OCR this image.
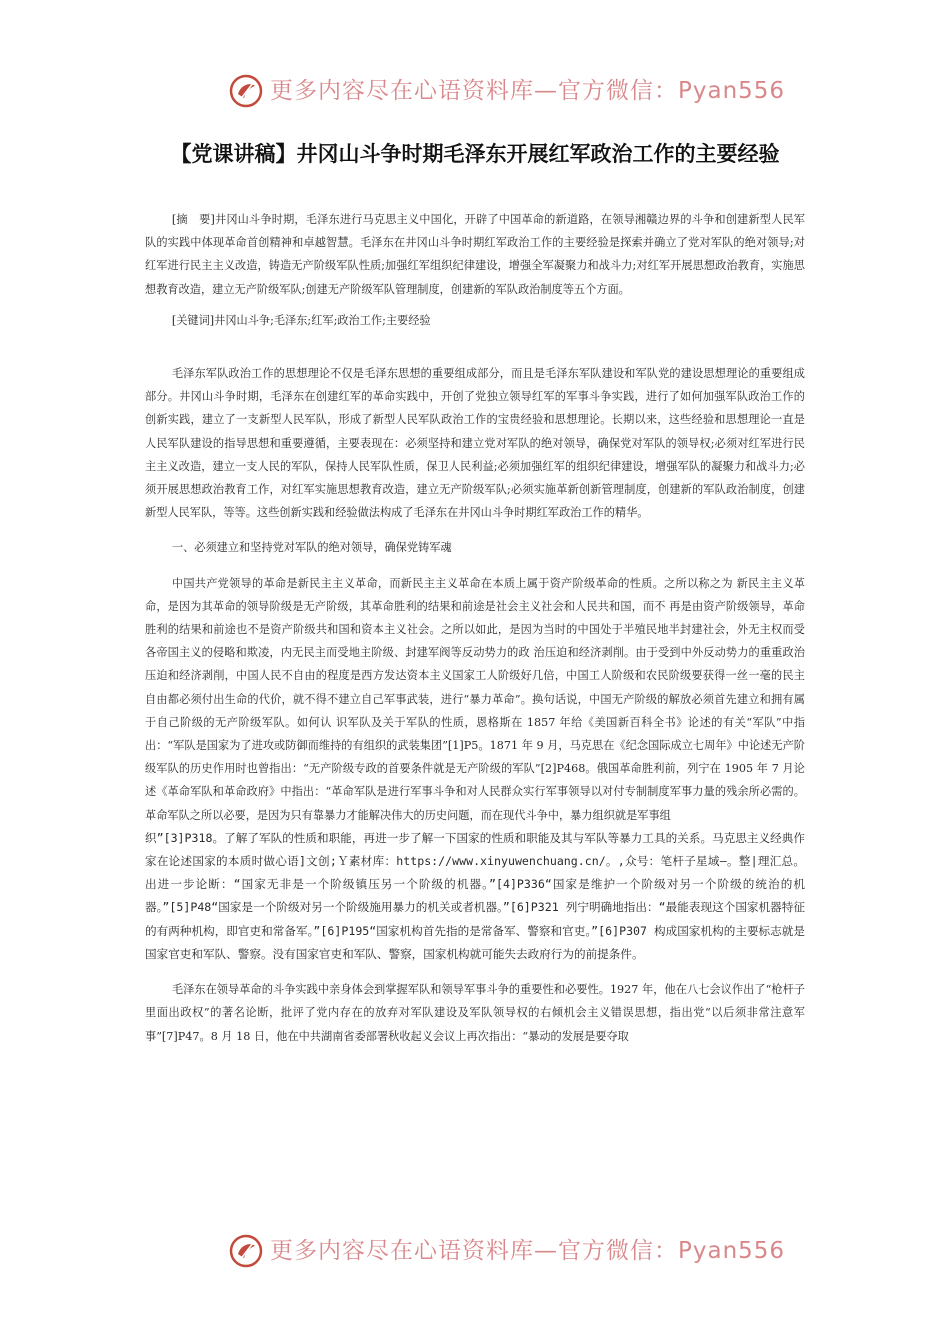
更多内容尽在心语资料库—官方微信：Pyan556
【党课讲稿】井冈山斗争时期毛泽东开展红军政治工作的主要经验

[摘　要]井冈山斗争时期，毛泽东进行马克思主义中国化，开辟了中国革命的新道路，在领导湘赣边界的斗争和创建新型人民军队的实践中体现革命首创精神和卓越智慧。毛泽东在井冈山斗争时期红军政治工作的主要经验是探索并确立了党对军队的绝对领导;对红军进行民主主义改造，铸造无产阶级军队性质;加强红军组织纪律建设，增强全军凝聚力和战斗力;对红军开展思想政治教育，实施思想教育改造，建立无产阶级军队;创建无产阶级军队管理制度，创建新的军队政治制度等五个方面。

[关键词]井冈山斗争;毛泽东;红军;政治工作;主要经验

毛泽东军队政治工作的思想理论不仅是毛泽东思想的重要组成部分，而且是毛泽东军队建设和军队党的建设思想理论的重要组成部分。井冈山斗争时期，毛泽东在创建红军的革命实践中，开创了党独立领导红军的军事斗争实践，进行了如何加强军队政治工作的创新实践，建立了一支新型人民军队，形成了新型人民军队政治工作的宝贵经验和思想理论。长期以来，这些经验和思想理论一直是人民军队建设的指导思想和重要遵循，主要表现在：必须坚持和建立党对军队的绝对领导，确保党对军队的领导权;必须对红军进行民主主义改造，建立一支人民的军队，保持人民军队性质，保卫人民利益;必须加强红军的组织纪律建设，增强军队的凝聚力和战斗力;必须开展思想政治教育工作，对红军实施思想教育改造，建立无产阶级军队;必须实施革新创新管理制度，创建新的军队政治制度，创建新型人民军队，等等。这些创新实践和经验做法构成了毛泽东在井冈山斗争时期红军政治工作的精华。

一、必须建立和坚持党对军队的绝对领导，确保党铸军魂

中国共产党领导的革命是新民主主义革命，而新民主主义革命在本质上属于资产阶级革命的性质。之所以称之为 新民主主义革命，是因为其革命的领导阶级是无产阶级，其革命胜利的结果和前途是社会主义社会和人民共和国，而不 再是由资产阶级领导，革命胜利的结果和前途也不是资产阶级共和国和资本主义社会。之所以如此，是因为当时的中国处于半殖民地半封建社会，外无主权而受各帝国主义的侵略和欺凌，内无民主而受地主阶级、封建军阀等反动势力的政 治压迫和经济剥削。由于受到中外反动势力的重重政治压迫和经济剥削，中国人民不自由的程度是西方发达资本主义国家工人阶级好几倍，中国工人阶级和农民阶级要获得一丝一毫的民主自由都必须付出生命的代价，就不得不建立自己军事武装，进行“暴力革命”。换句话说，中国无产阶级的解放必须首先建立和拥有属于自己阶级的无产阶级军队。如何认 识军队及关于军队的性质，恩格斯在 1857 年给《美国新百科全书》论述的有关“军队”中指出：“军队是国家为了进攻或防御而维持的有组织的武装集团”[1]P5。1871 年 9 月，马克思在《纪念国际成立七周年》中论述无产阶级军队的历史作用时也曾指出：“无产阶级专政的首要条件就是无产阶级的军队”[2]P468。俄国革命胜利前，列宁在 1905 年 7 月论述《革命军队和革命政府》中指出：“革命军队是进行军事斗争和对人民群众实行军事领导以对付专制制度军事力量的残余所必需的。革命军队之所以必要，是因为只有靠暴力才能解决伟大的历史问题，而在现代斗争中，暴力组织就是军事组

织”[3]P318。了解了军队的性质和职能，再进一步了解一下国家的性质和职能及其与军队等暴力工具的关系。马克思主义经典作家在论述国家的本质时做心语]文创;Ｙ素材库：https://www.xinyuwenchuang.cn/。,众号：笔杆子星域—。整|理汇总。出进一步论断：“国家无非是一个阶级镇压另一个阶级的机器。”[4]P336“国家是维护一个阶级对另一个阶级的统治的机器。”[5]P48“国家是一个阶级对另一个阶级施用暴力的机关或者机器。”[6]P321 列宁明确地指出：“最能表现这个国家机器特征的有两种机构，即官吏和常备军。”[6]P195“国家机构首先指的是常备军、警察和官吏。”[6]P307 构成国家机构的主要标志就是国家官吏和军队、警察。没有国家官吏和军队、警察，国家机构就可能失去政府行为的前提条件。

毛泽东在领导革命的斗争实践中亲身体会到掌握军队和领导军事斗争的重要性和必要性。1927 年，他在八七会议作出了“枪杆子里面出政权”的著名论断，批评了党内存在的放弃对军队建设及军队领导权的右倾机会主义错误思想，指出党“以后须非常注意军事”[7]P47。8 月 18 日，他在中共湖南省委部署秋收起义会议上再次指出：“暴动的发展是要夺取

更多内容尽在心语资料库—官方微信：Pyan556
